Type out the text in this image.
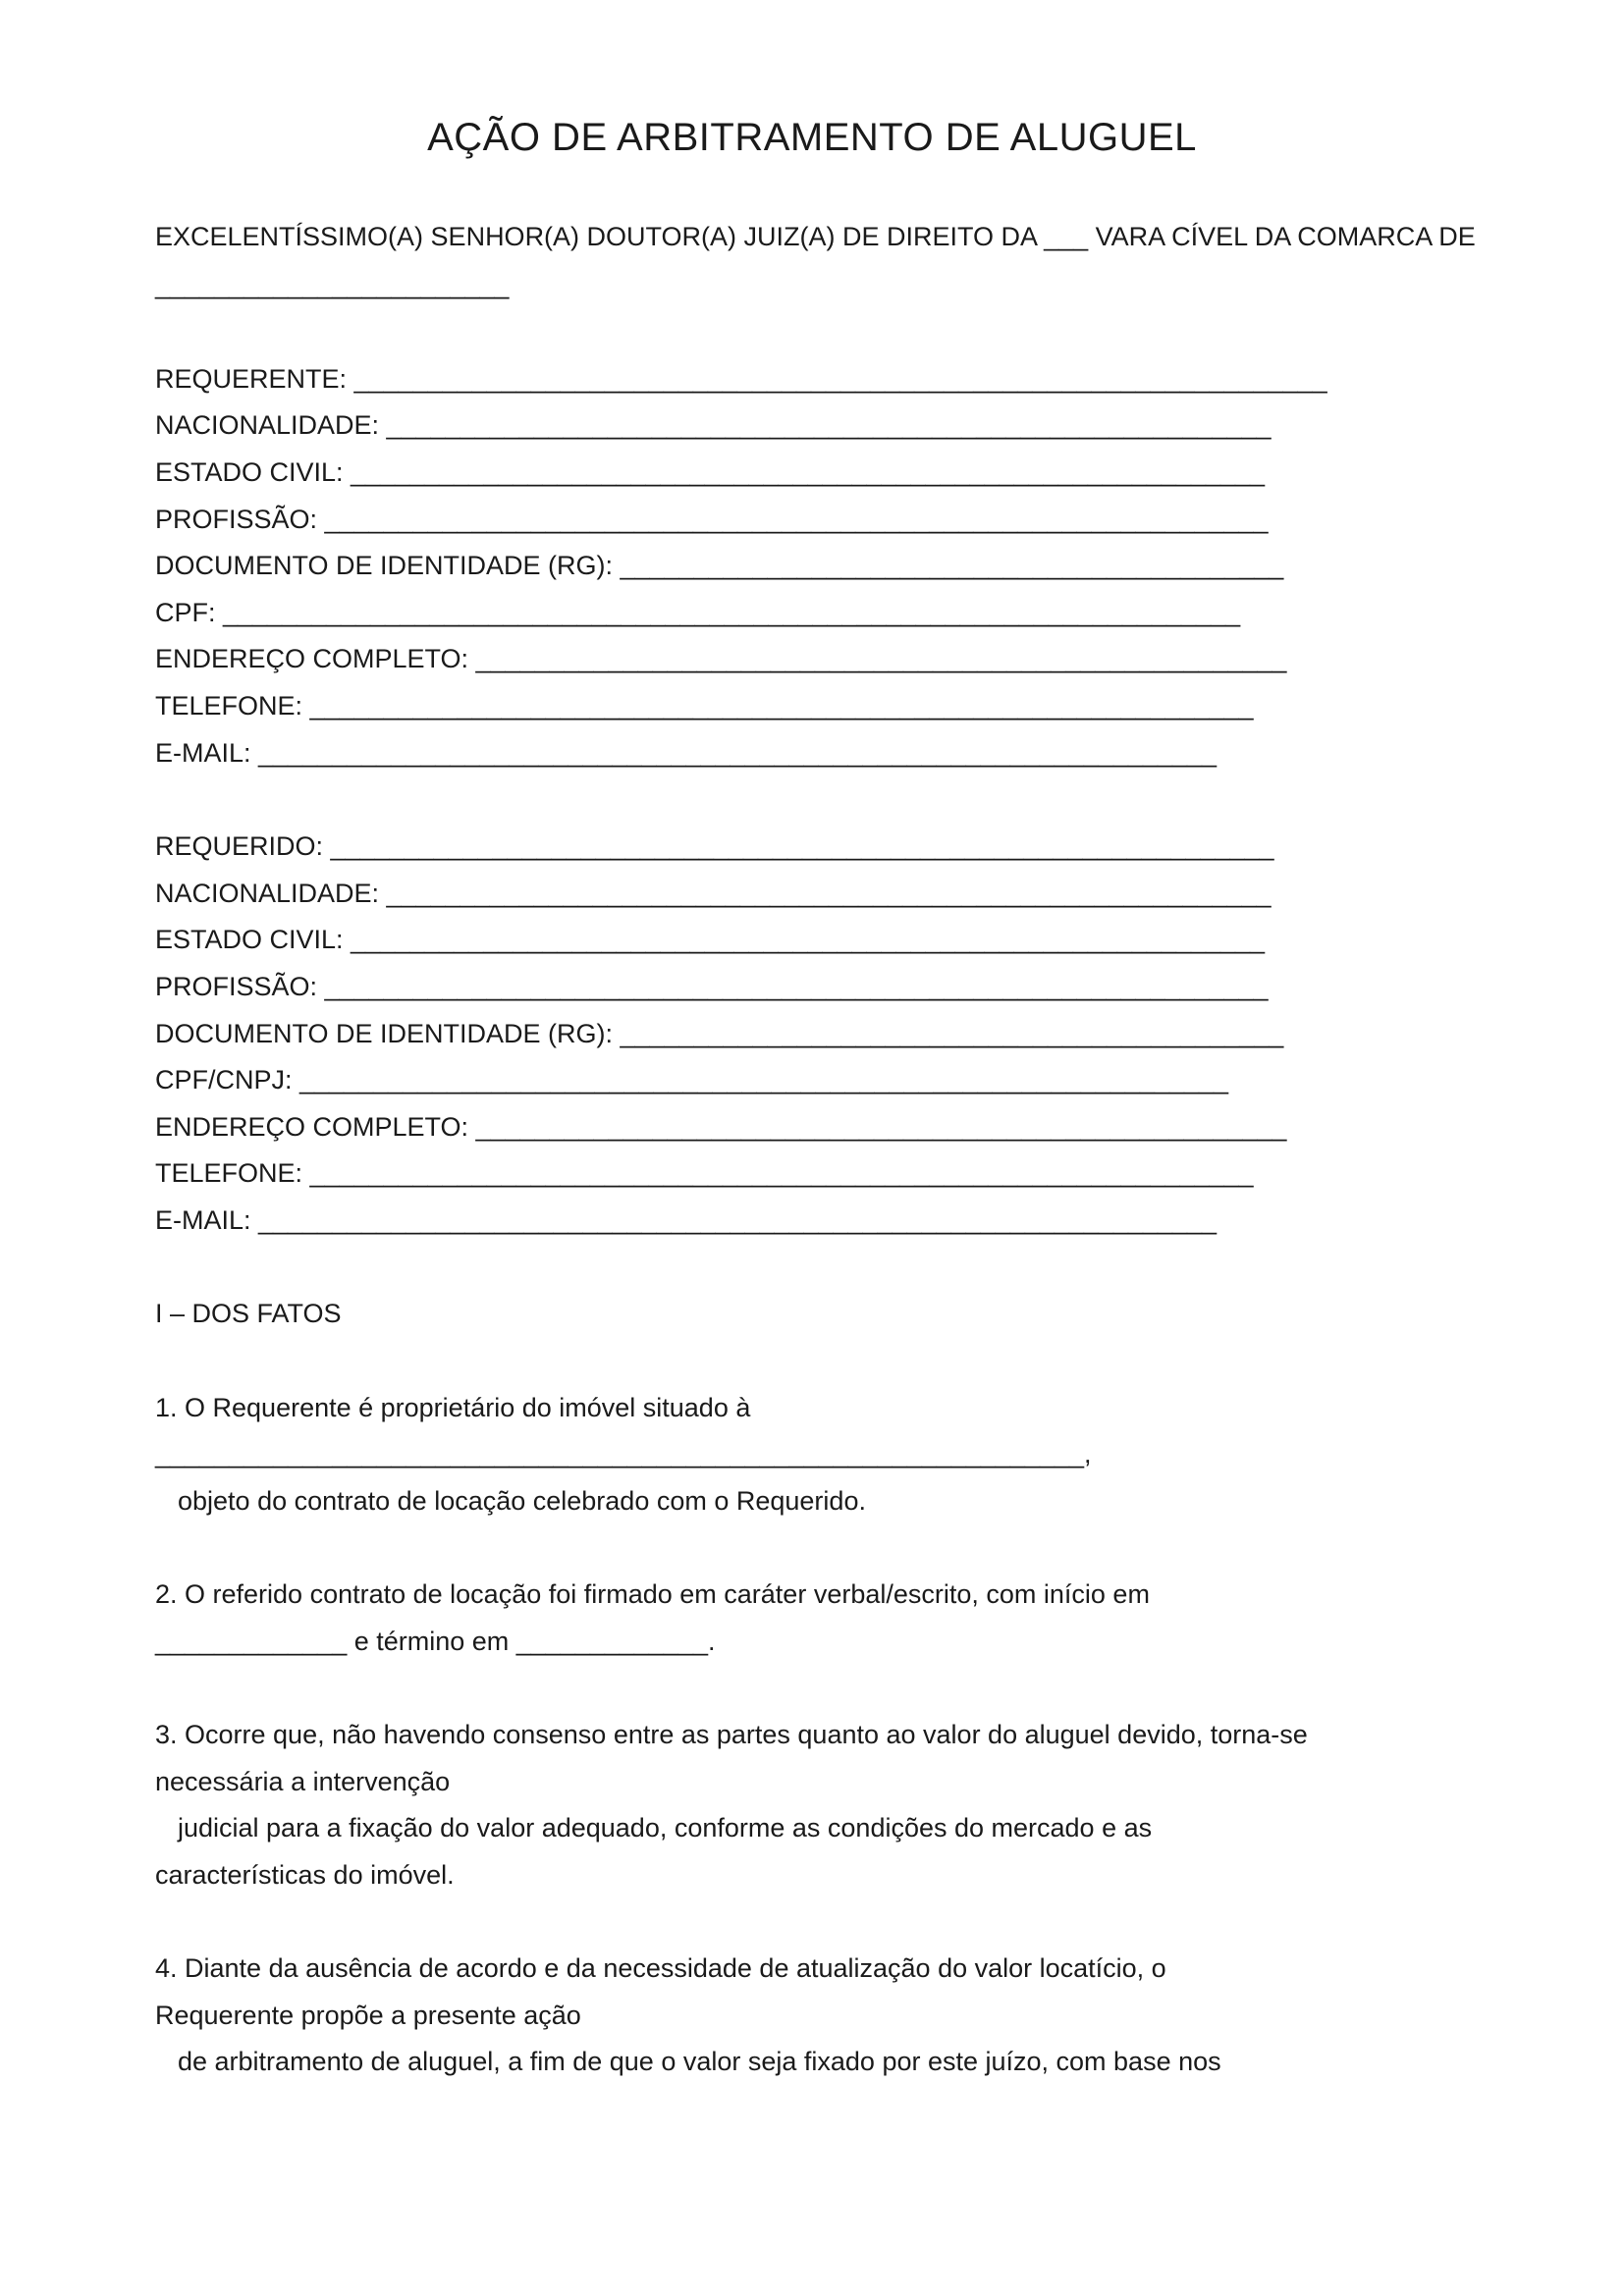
AÇÃO DE ARBITRAMENTO DE ALUGUEL
EXCELENTÍSSIMO(A) SENHOR(A) DOUTOR(A) JUIZ(A) DE DIREITO DA ___ VARA CÍVEL DA COMARCA DE
________________________
REQUERENTE: __________________________________________________________________
NACIONALIDADE: ____________________________________________________________
ESTADO CIVIL: ______________________________________________________________
PROFISSÃO: ________________________________________________________________
DOCUMENTO DE IDENTIDADE (RG): _____________________________________________
CPF: _____________________________________________________________________
ENDEREÇO COMPLETO: _______________________________________________________
TELEFONE: ________________________________________________________________
E-MAIL: _________________________________________________________________
REQUERIDO: ________________________________________________________________
NACIONALIDADE: ____________________________________________________________
ESTADO CIVIL: ______________________________________________________________
PROFISSÃO: ________________________________________________________________
DOCUMENTO DE IDENTIDADE (RG): _____________________________________________
CPF/CNPJ: _______________________________________________________________
ENDEREÇO COMPLETO: _______________________________________________________
TELEFONE: ________________________________________________________________
E-MAIL: _________________________________________________________________
I – DOS FATOS
1. O Requerente é proprietário do imóvel situado à
_______________________________________________________________,
objeto do contrato de locação celebrado com o Requerido.
2. O referido contrato de locação foi firmado em caráter verbal/escrito, com início em
_____________ e término em _____________.
3. Ocorre que, não havendo consenso entre as partes quanto ao valor do aluguel devido, torna-se
necessária a intervenção
judicial para a fixação do valor adequado, conforme as condições do mercado e as
características do imóvel.
4. Diante da ausência de acordo e da necessidade de atualização do valor locatício, o
Requerente propõe a presente ação
de arbitramento de aluguel, a fim de que o valor seja fixado por este juízo, com base nos
